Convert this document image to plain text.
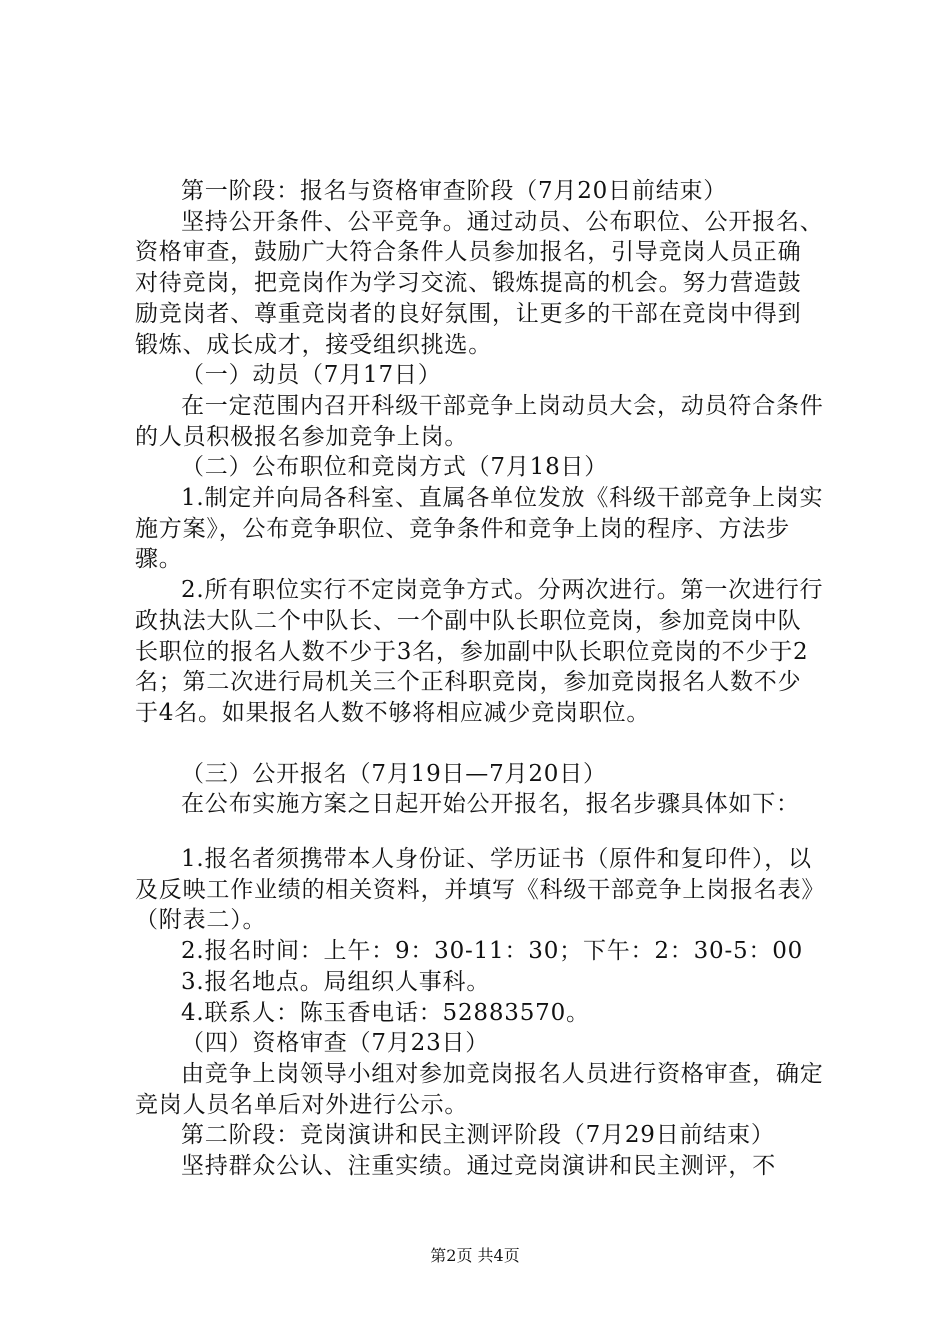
第一阶段：报名与资格审查阶段（7月20日前结束）

坚持公开条件、公平竞争。通过动员、公布职位、公开报名、资格审查，鼓励广大符合条件人员参加报名，引导竞岗人员正确对待竞岗，把竞岗作为学习交流、锻炼提高的机会。努力营造鼓励竞岗者、尊重竞岗者的良好氛围，让更多的干部在竞岗中得到锻炼、成长成才，接受组织挑选。

（一）动员（7月17日）

在一定范围内召开科级干部竞争上岗动员大会，动员符合条件的人员积极报名参加竞争上岗。

（二）公布职位和竞岗方式（7月18日）

1.制定并向局各科室、直属各单位发放《科级干部竞争上岗实施方案》，公布竞争职位、竞争条件和竞争上岗的程序、方法步骤。

2.所有职位实行不定岗竞争方式。分两次进行。第一次进行行政执法大队二个中队长、一个副中队长职位竞岗，参加竞岗中队长职位的报名人数不少于3名，参加副中队长职位竞岗的不少于2名；第二次进行局机关三个正科职竞岗，参加竞岗报名人数不少于4名。如果报名人数不够将相应减少竞岗职位。

（三）公开报名（7月19日—7月20日）

在公布实施方案之日起开始公开报名，报名步骤具体如下：

1.报名者须携带本人身份证、学历证书（原件和复印件），以及反映工作业绩的相关资料，并填写《科级干部竞争上岗报名表》（附表二）。

2.报名时间：上午：9：30-11：30；下午：2：30-5：00

3.报名地点。局组织人事科。

4.联系人：陈玉香电话：52883570。

（四）资格审查（7月23日）

由竞争上岗领导小组对参加竞岗报名人员进行资格审查，确定竞岗人员名单后对外进行公示。

第二阶段：竞岗演讲和民主测评阶段（7月29日前结束）

坚持群众公认、注重实绩。通过竞岗演讲和民主测评，不

第2页 共4页
